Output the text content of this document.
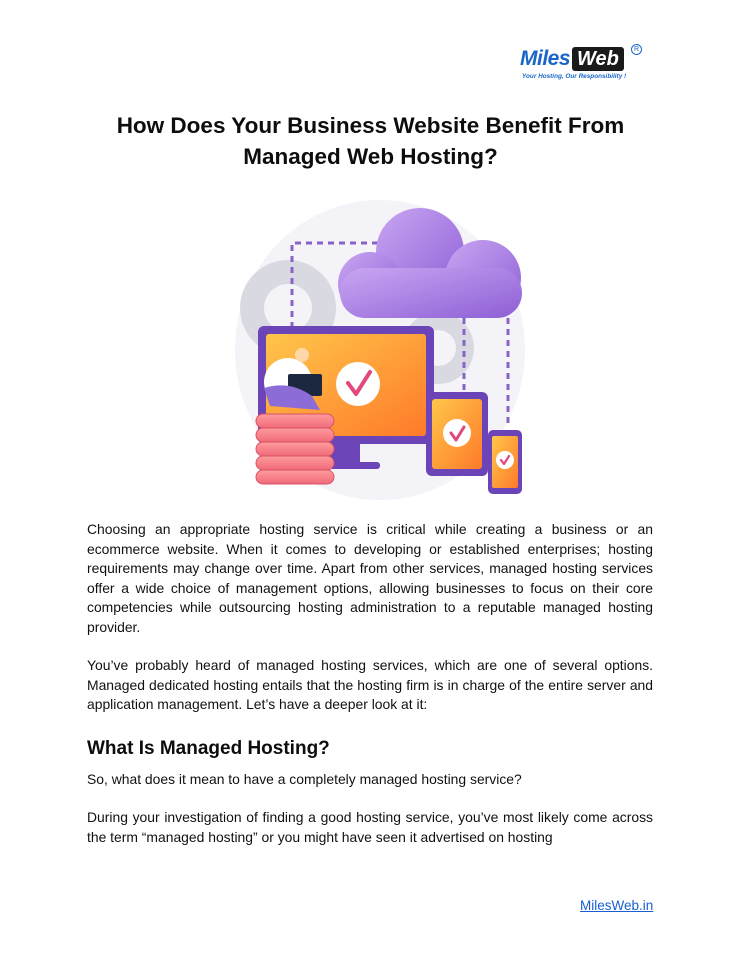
Miles Web	R
Your Hosting, Our Responsibility !
How Does Your Business Website Benefit From
Managed Web Hosting?

Choosing an appropriate hosting service is critical while creating a business or an ecommerce website. When it comes to developing or established enterprises; hosting requirements may change over time. Apart from other services, managed hosting services offer a wide choice of management options, allowing businesses to focus on their core competencies while outsourcing hosting administration to a reputable managed hosting provider.

You’ve probably heard of managed hosting services, which are one of several options. Managed dedicated hosting entails that the hosting firm is in charge of the entire server and application management. Let’s have a deeper look at it:

What Is Managed Hosting?

So, what does it mean to have a completely managed hosting service?

During your investigation of finding a good hosting service, you’ve most likely come across the term “managed hosting” or you might have seen it advertised on hosting

MilesWeb.in
